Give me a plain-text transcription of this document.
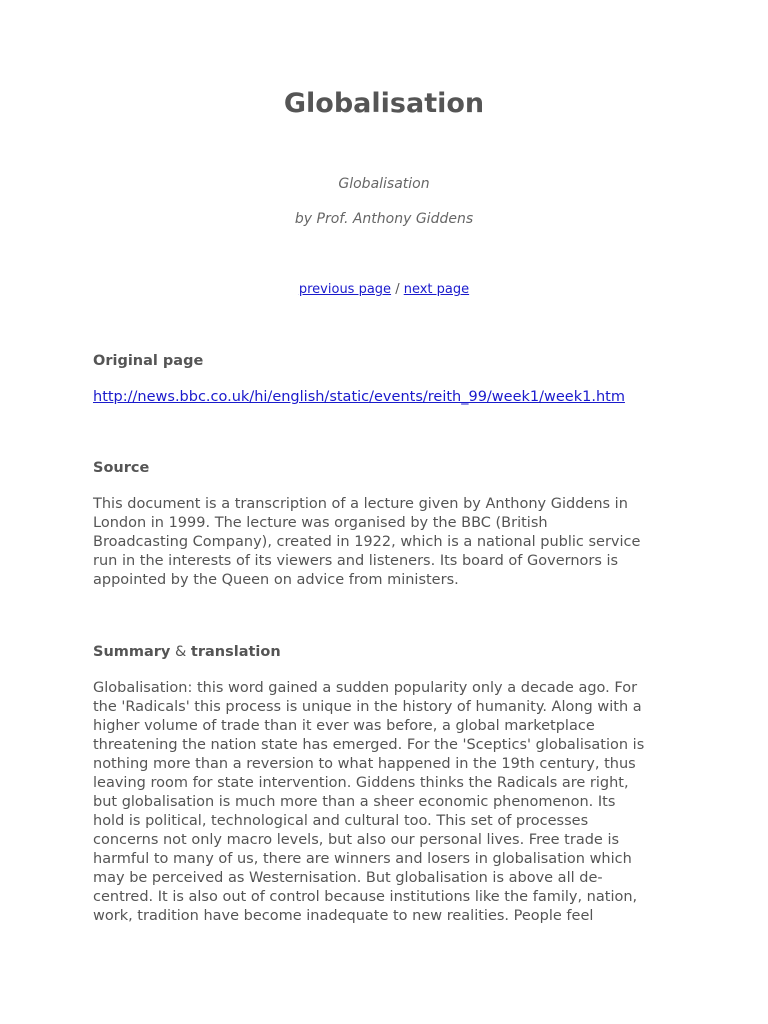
Globalisation
Globalisation
by Prof. Anthony Giddens
previous page / next page
Original page
http://news.bbc.co.uk/hi/english/static/events/reith_99/week1/week1.htm
Source

This document is a transcription of a lecture given by Anthony Giddens in
London in 1999. The lecture was organised by the BBC (British
Broadcasting Company), created in 1922, which is a national public service
run in the interests of its viewers and listeners. Its board of Governors is
appointed by the Queen on advice from ministers.

Summary & translation

Globalisation: this word gained a sudden popularity only a decade ago. For
the 'Radicals' this process is unique in the history of humanity. Along with a
higher volume of trade than it ever was before, a global marketplace
threatening the nation state has emerged. For the 'Sceptics' globalisation is
nothing more than a reversion to what happened in the 19th century, thus
leaving room for state intervention. Giddens thinks the Radicals are right,
but globalisation is much more than a sheer economic phenomenon. Its
hold is political, technological and cultural too. This set of processes
concerns not only macro levels, but also our personal lives. Free trade is
harmful to many of us, there are winners and losers in globalisation which
may be perceived as Westernisation. But globalisation is above all de-
centred. It is also out of control because institutions like the family, nation,
work, tradition have become inadequate to new realities. People feel
